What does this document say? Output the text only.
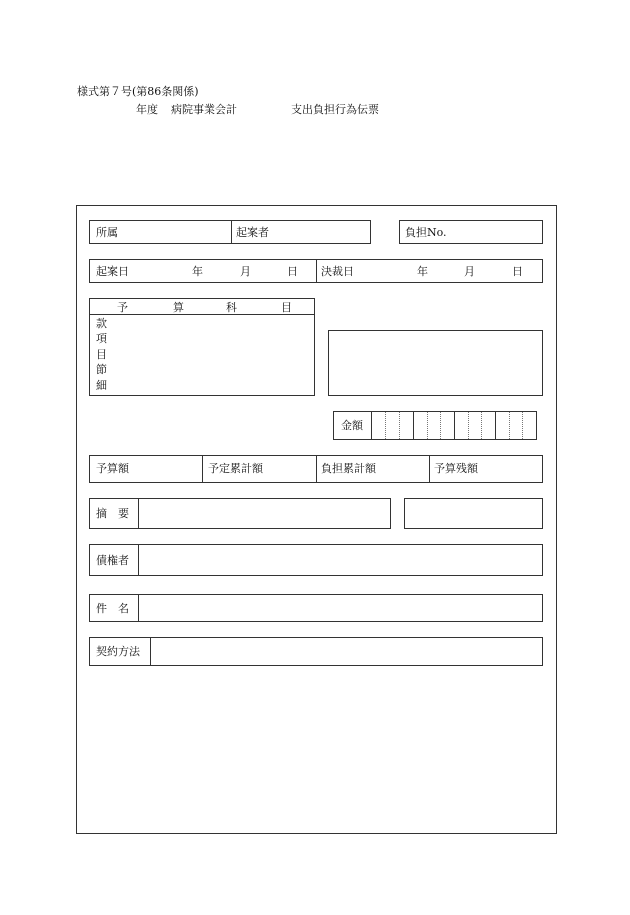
様式第７号(第86条関係)
年度 病院事業会計	支出負担行為伝票
所属	起案者	負担No.
起案日	年	月	日 決裁日	年	月	日
予	算	科	目
款
項
目
節
細
金額
予算額	予定累計額	負担累計額	予算残額
摘　要
債権者
件　名
契約方法
